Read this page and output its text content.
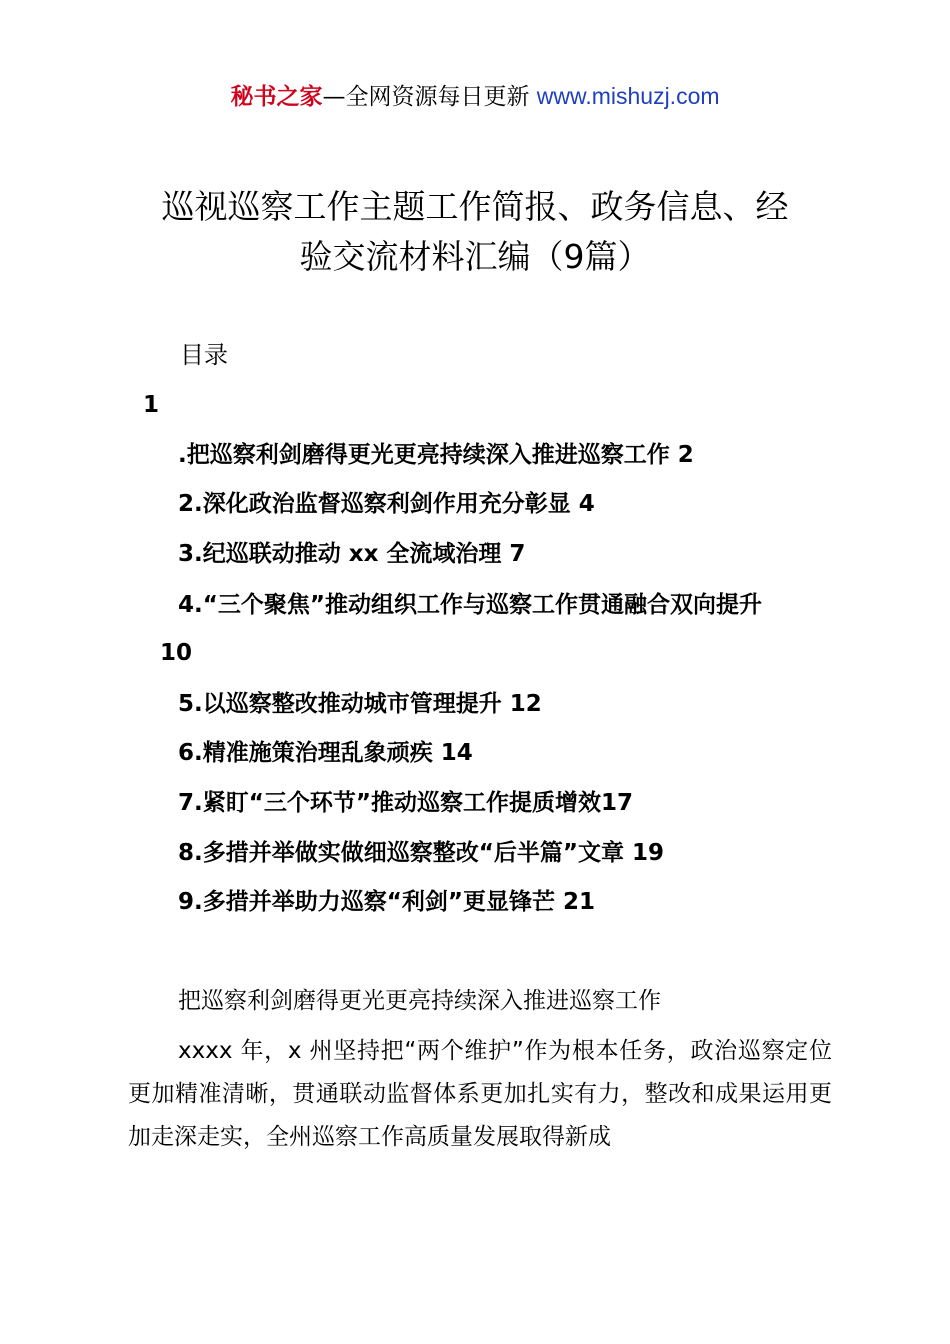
秘书之家—全网资源每日更新 www.mishuzj.com
巡视巡察工作主题工作简报、政务信息、经
验交流材料汇编（9篇）
目录
1
.把巡察利剑磨得更光更亮持续深入推进巡察工作 2
2.深化政治监督巡察利剑作用充分彰显 4
3.纪巡联动推动 xx 全流域治理 7
4.“三个聚焦”推动组织工作与巡察工作贯通融合双向提升
10
5.以巡察整改推动城市管理提升 12
6.精准施策治理乱象顽疾 14
7.紧盯“三个环节”推动巡察工作提质增效17
8.多措并举做实做细巡察整改“后半篇”文章 19
9.多措并举助力巡察“利剑”更显锋芒 21
把巡察利剑磨得更光更亮持续深入推进巡察工作
xxxx 年，x 州坚持把“两个维护”作为根本任务，政治巡察定位更加精准清晰，贯通联动监督体系更加扎实有力，整改和成果运用更加走深走实，全州巡察工作高质量发展取得新成
